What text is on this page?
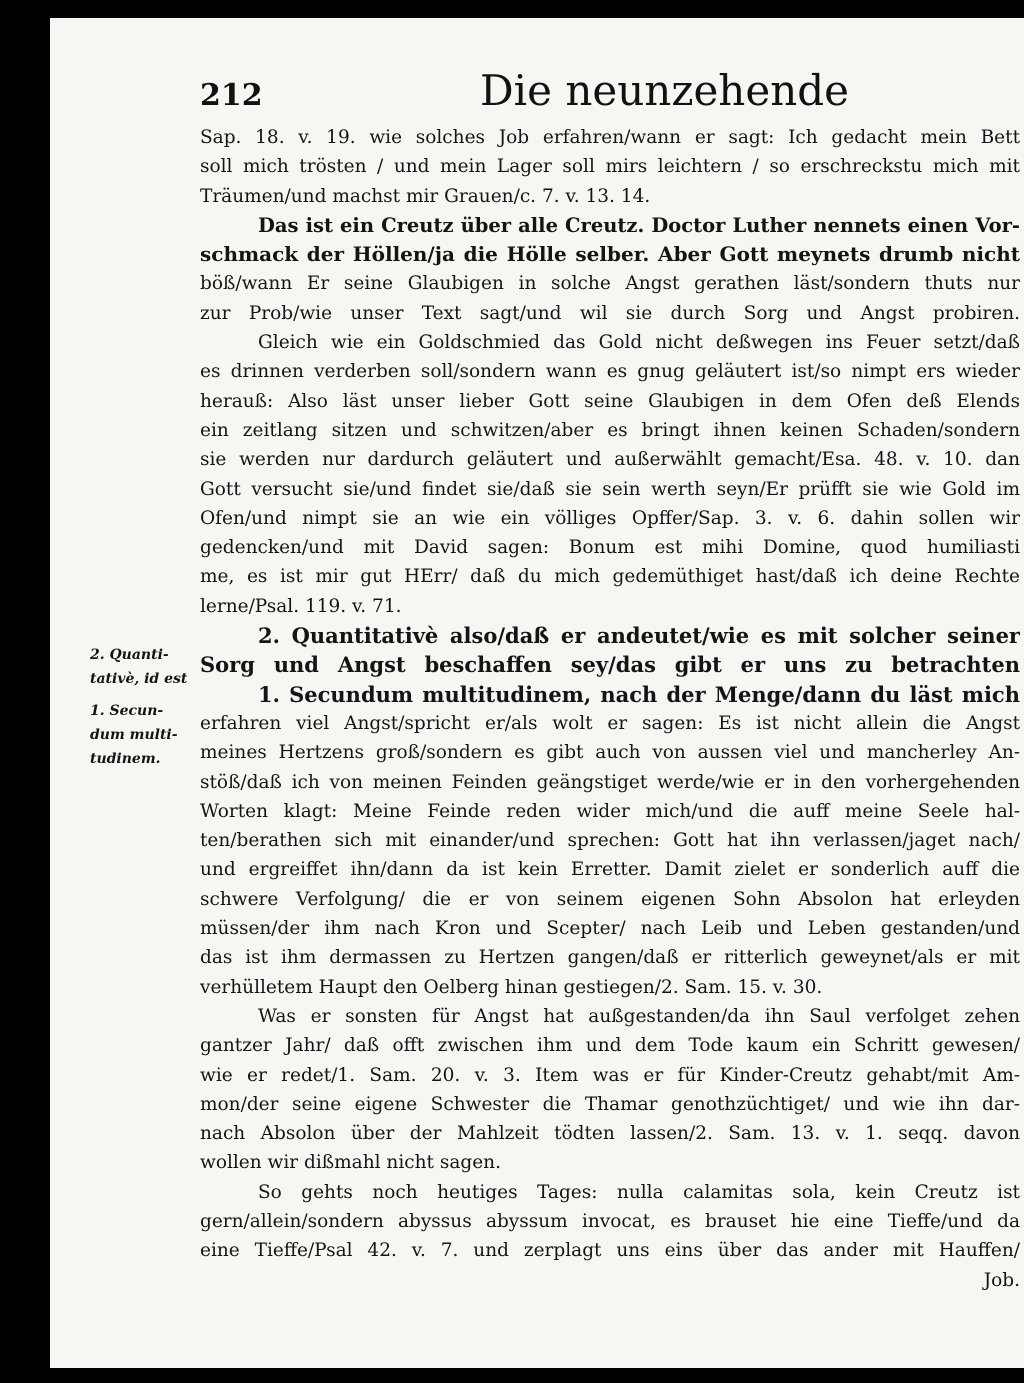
212	Die neunzehende
2. Quanti-
tativè, id est
1. Secun-
dum multi-
tudinem.
Sap. 18. v. 19. wie solches Job erfahren/wann er sagt: Ich gedacht mein Bett
soll mich trösten / und mein Lager soll mirs leichtern / so erschreckstu mich mit
Träumen/und machst mir Grauen/c. 7. v. 13. 14.
Das ist ein Creutz über alle Creutz. Doctor Luther nennets einen Vor-
schmack der Höllen/ja die Hölle selber. Aber Gott meynets drumb nicht
böß/wann Er seine Glaubigen in solche Angst gerathen läst/sondern thuts nur
zur Prob/wie unser Text sagt/und wil sie durch Sorg und Angst probiren.
Gleich wie ein Goldschmied das Gold nicht deßwegen ins Feuer setzt/daß
es drinnen verderben soll/sondern wann es gnug geläutert ist/so nimpt ers wieder
herauß: Also läst unser lieber Gott seine Glaubigen in dem Ofen deß Elends
ein zeitlang sitzen und schwitzen/aber es bringt ihnen keinen Schaden/sondern
sie werden nur dardurch geläutert und außerwählt gemacht/Esa. 48. v. 10. dan
Gott versucht sie/und findet sie/daß sie sein werth seyn/Er prüfft sie wie Gold im
Ofen/und nimpt sie an wie ein völliges Opffer/Sap. 3. v. 6. dahin sollen wir
gedencken/und mit David sagen: Bonum est mihi Domine, quod humiliasti
me, es ist mir gut HErr/ daß du mich gedemüthiget hast/daß ich deine Rechte
lerne/Psal. 119. v. 71.
2. Quantitativè also/daß er andeutet/wie es mit solcher seiner
Sorg und Angst beschaffen sey/das gibt er uns zu betrachten
1. Secundum multitudinem, nach der Menge/dann du läst mich
erfahren viel Angst/spricht er/als wolt er sagen: Es ist nicht allein die Angst
meines Hertzens groß/sondern es gibt auch von aussen viel und mancherley An-
stöß/daß ich von meinen Feinden geängstiget werde/wie er in den vorhergehenden
Worten klagt: Meine Feinde reden wider mich/und die auff meine Seele hal-
ten/berathen sich mit einander/und sprechen: Gott hat ihn verlassen/jaget nach/
und ergreiffet ihn/dann da ist kein Erretter. Damit zielet er sonderlich auff die
schwere Verfolgung/ die er von seinem eigenen Sohn Absolon hat erleyden
müssen/der ihm nach Kron und Scepter/ nach Leib und Leben gestanden/und
das ist ihm dermassen zu Hertzen gangen/daß er ritterlich geweynet/als er mit
verhülletem Haupt den Oelberg hinan gestiegen/2. Sam. 15. v. 30.
Was er sonsten für Angst hat außgestanden/da ihn Saul verfolget zehen
gantzer Jahr/ daß offt zwischen ihm und dem Tode kaum ein Schritt gewesen/
wie er redet/1. Sam. 20. v. 3. Item was er für Kinder-Creutz gehabt/mit Am-
mon/der seine eigene Schwester die Thamar genothzüchtiget/ und wie ihn dar-
nach Absolon über der Mahlzeit tödten lassen/2. Sam. 13. v. 1. seqq. davon
wollen wir dißmahl nicht sagen.
So gehts noch heutiges Tages: nulla calamitas sola, kein Creutz ist
gern/allein/sondern abyssus abyssum invocat, es brauset hie eine Tieffe/und da
eine Tieffe/Psal 42. v. 7. und zerplagt uns eins über das ander mit Hauffen/
Job.
